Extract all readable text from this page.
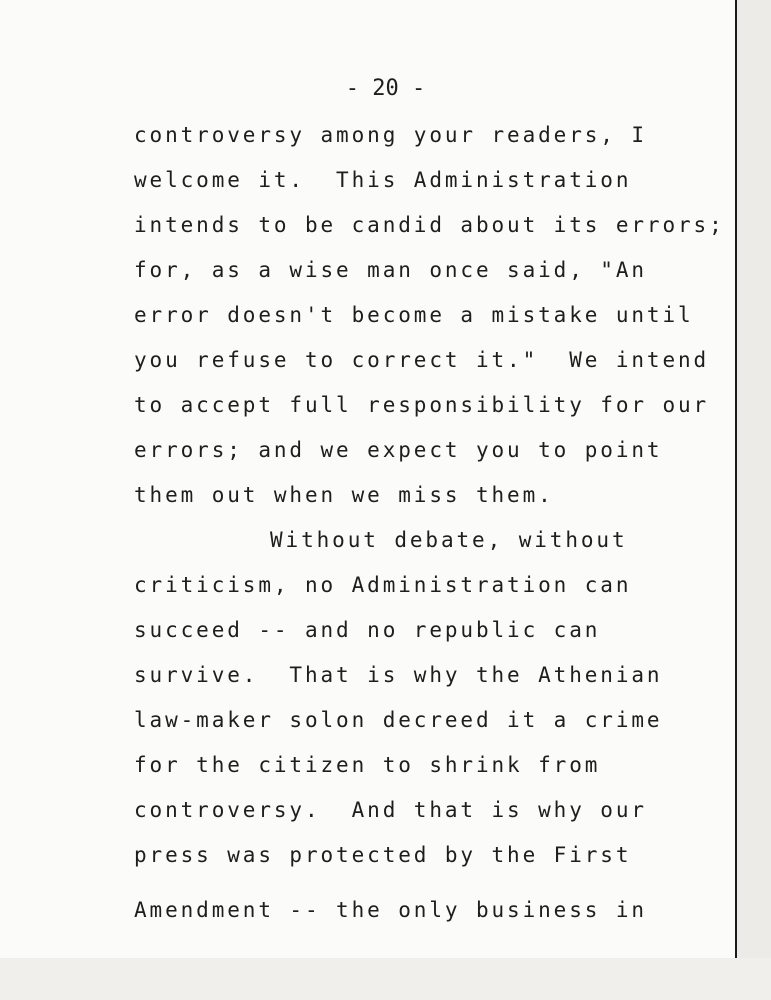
- 20 -
controversy among your readers, I
welcome it.  This Administration
intends to be candid about its errors;
for, as a wise man once said, "An
error doesn't become a mistake until
you refuse to correct it."  We intend
to accept full responsibility for our
errors; and we expect you to point
them out when we miss them.
Without debate, without
criticism, no Administration can
succeed -- and no republic can
survive.  That is why the Athenian
law-maker solon decreed it a crime
for the citizen to shrink from
controversy.  And that is why our
press was protected by the First
Amendment -- the only business in
